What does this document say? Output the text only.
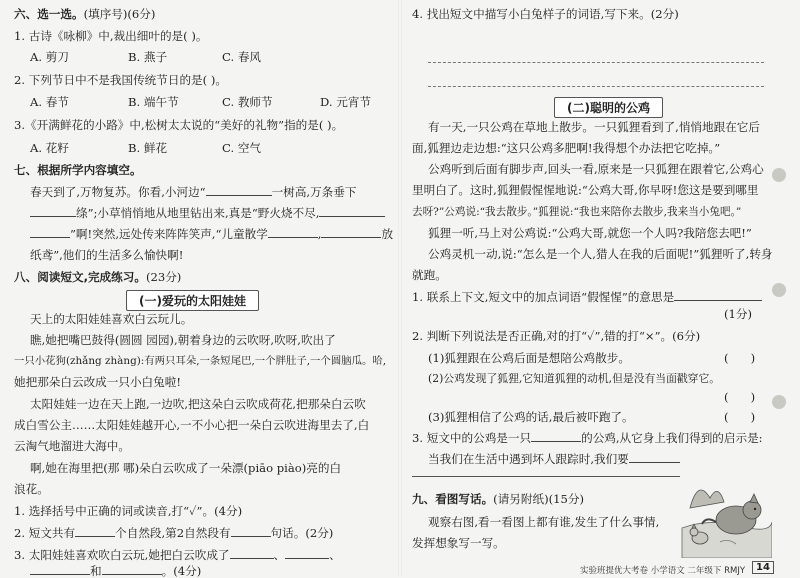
六、选一选。(填序号)(6分)
1. 古诗《咏柳》中,裁出细叶的是( )。
A. 剪刀	B. 燕子	C. 春风
2. 下列节日中不是我国传统节日的是( )。
A. 春节	B. 端午节	C. 教师节	D. 元宵节
3.《开满鲜花的小路》中,松树太太说的“美好的礼物”指的是( )。
A. 花籽	B. 鲜花	C. 空气
七、根据所学内容填空。
春天到了,万物复苏。你看,小河边“	一树高,万条垂下
绦”;小草悄悄地从地里钻出来,真是“野火烧不尽,
”啊!突然,远处传来阵阵笑声,“儿童散学	,	放
纸鸢”,他们的生活多么愉快啊!
八、阅读短文,完成练习。(23分)
(一)爱玩的太阳娃娃
天上的太阳娃娃喜欢白云玩儿。
瞧,她把嘴巴鼓得(圆圆 园园),朝着身边的云吹呀,吹呀,吹出了
一只小花狗(zhǎng zhàng):有两只耳朵,一条短尾巴,一个胖肚子,一个圆脑瓜。哈,
她把那朵白云改成一只小白兔啦!
太阳娃娃一边在天上跑,一边吹,把这朵白云吹成荷花,把那朵白云吹
成白雪公主……太阳娃娃越开心,一不小心把一朵白云吹进海里去了,白
云淘气地溜进大海中。
啊,她在海里把(那 哪)朵白云吹成了一朵漂(piāo piào)亮的白
浪花。
1. 选择括号中正确的词或读音,打“✓”。(4分)
2. 短文共有	个自然段,第2自然段有	句话。(2分)
3. 太阳娃娃喜欢吹白云玩,她把白云吹成了	、	、
和	。(4分)
4. 找出短文中描写小白兔样子的词语,写下来。(2分)
(二)聪明的公鸡
有一天,一只公鸡在草地上散步。一只狐狸看到了,悄悄地跟在它后
面,狐狸边走边想:“这只公鸡多肥啊!我得想个办法把它吃掉。”
公鸡听到后面有脚步声,回头一看,原来是一只狐狸在跟着它,公鸡心
里明白了。这时,狐狸假惺惺地说:“公鸡大哥,你早呀!您这是要到哪里
去呀?”公鸡说:“我去散步。”狐狸说:“我也来陪你去散步,我来当小兔吧。”
狐狸一听,马上对公鸡说:“公鸡大哥,就您一个人吗?我陪您去吧!”
公鸡灵机一动,说:“怎么是一个人,猎人在我的后面呢!”狐狸听了,转身
就跑。
1. 联系上下文,短文中的加点词语“假惺惺”的意思是
(1分)
2. 判断下列说法是否正确,对的打“✓”,错的打“×”。(6分)
(1)狐狸跟在公鸡后面是想陪公鸡散步。	(      )
(2)公鸡发现了狐狸,它知道狐狸的动机,但是没有当面戳穿它。
(      )
(3)狐狸相信了公鸡的话,最后被吓跑了。	(      )
3. 短文中的公鸡是一只	的公鸡,从它身上我们得到的启示是:
当我们在生活中遇到坏人跟踪时,我们要
九、看图写话。(请另附纸)(15分)
观察右图,看一看图上都有谁,发生了什么事情,
发挥想象写一写。
实验班提优大考卷 小学语文 二年级下 RMJY	14
